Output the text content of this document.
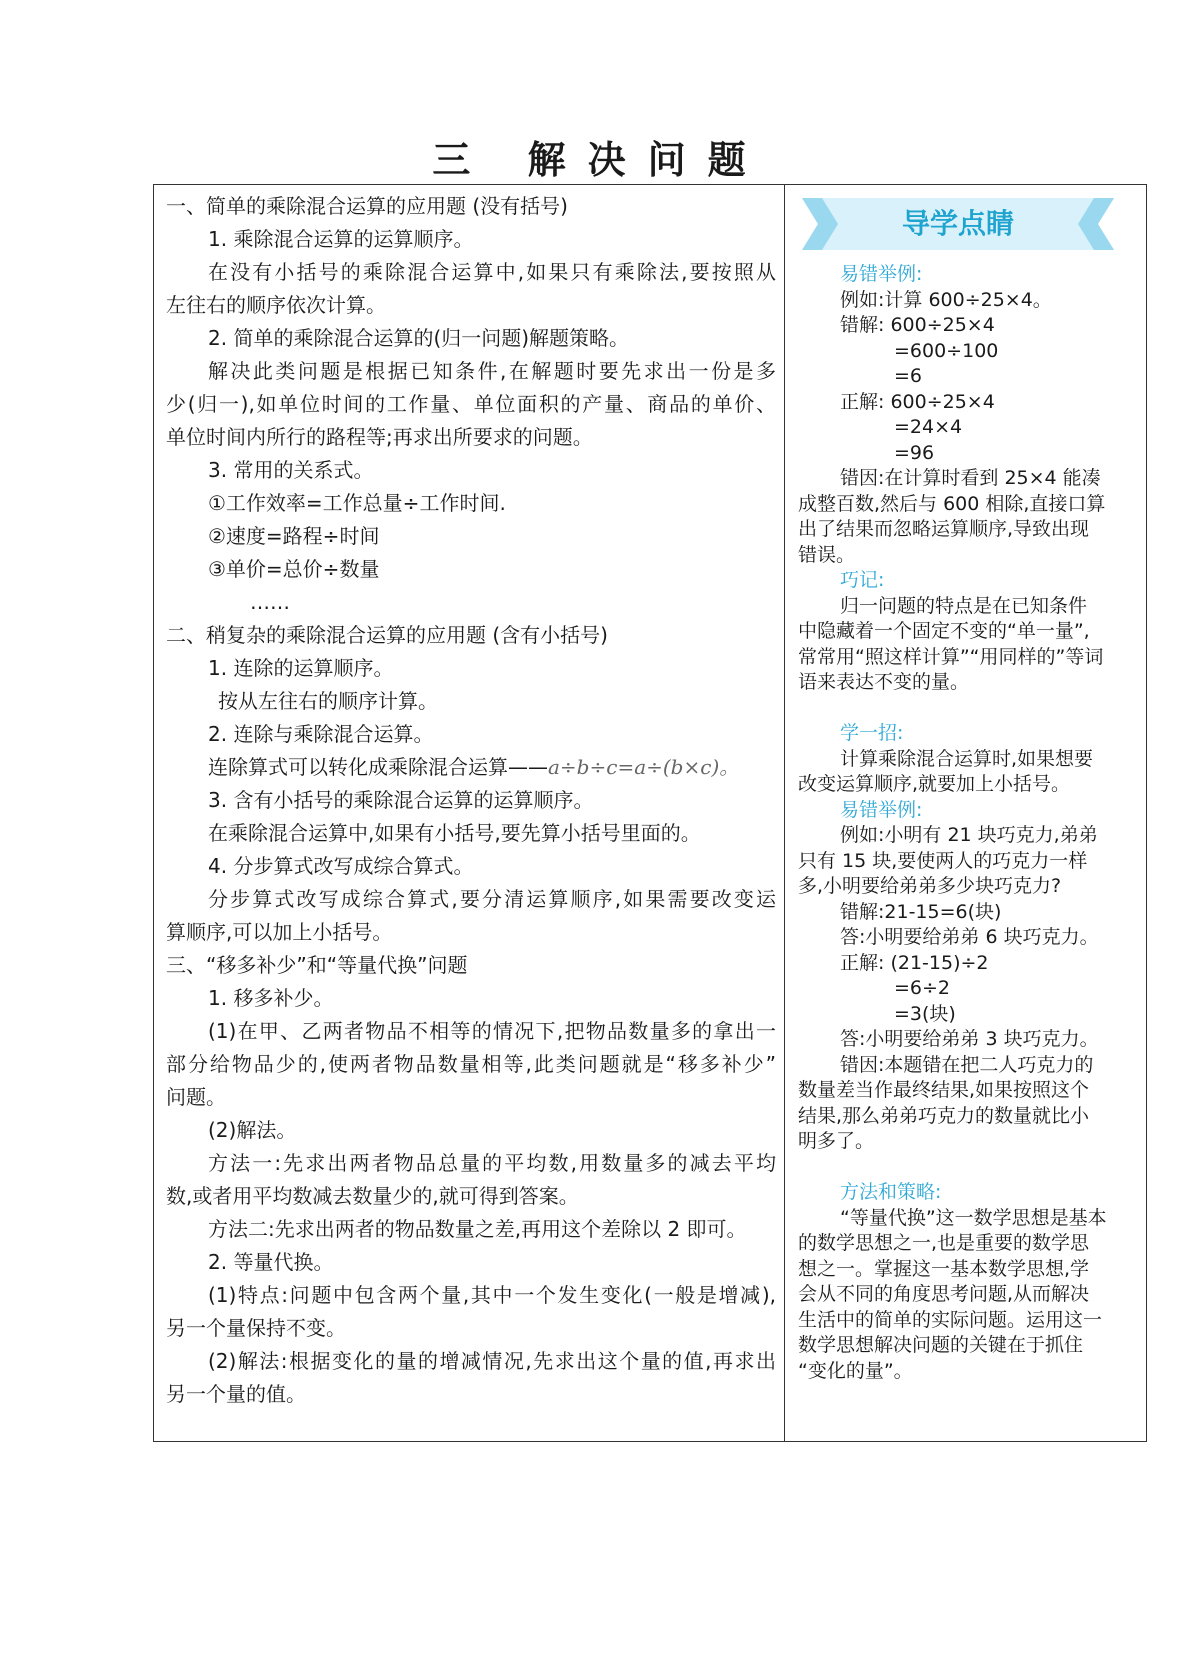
三 解决问题
一、简单的乘除混合运算的应用题 (没有括号)
1. 乘除混合运算的运算顺序。
在没有小括号的乘除混合运算中,如果只有乘除法,要按照从
左往右的顺序依次计算。
2. 简单的乘除混合运算的(归一问题)解题策略。
解决此类问题是根据已知条件,在解题时要先求出一份是多
少(归一),如单位时间的工作量、单位面积的产量、商品的单价、
单位时间内所行的路程等;再求出所要求的问题。
3. 常用的关系式。
①工作效率=工作总量÷工作时间.
②速度=路程÷时间
③单价=总价÷数量
……
二、稍复杂的乘除混合运算的应用题 (含有小括号)
1. 连除的运算顺序。
按从左往右的顺序计算。
2. 连除与乘除混合运算。
连除算式可以转化成乘除混合运算——a÷b÷c=a÷(b×c)。
3. 含有小括号的乘除混合运算的运算顺序。
在乘除混合运算中,如果有小括号,要先算小括号里面的。
4. 分步算式改写成综合算式。
分步算式改写成综合算式,要分清运算顺序,如果需要改变运
算顺序,可以加上小括号。
三、“移多补少”和“等量代换”问题
1. 移多补少。
(1)在甲、乙两者物品不相等的情况下,把物品数量多的拿出一
部分给物品少的,使两者物品数量相等,此类问题就是“移多补少”
问题。
(2)解法。
方法一:先求出两者物品总量的平均数,用数量多的减去平均
数,或者用平均数减去数量少的,就可得到答案。
方法二:先求出两者的物品数量之差,再用这个差除以 2 即可。
2. 等量代换。
(1)特点:问题中包含两个量,其中一个发生变化(一般是增减),
另一个量保持不变。
(2)解法:根据变化的量的增减情况,先求出这个量的值,再求出
另一个量的值。
导学点睛
易错举例:
例如:计算 600÷25×4。
错解: 600÷25×4
=600÷100
=6
正解: 600÷25×4
=24×4
=96
错因:在计算时看到 25×4 能凑
成整百数,然后与 600 相除,直接口算
出了结果而忽略运算顺序,导致出现
错误。
巧记:
归一问题的特点是在已知条件
中隐藏着一个固定不变的“单一量”,
常常用“照这样计算”“用同样的”等词
语来表达不变的量。
学一招:
计算乘除混合运算时,如果想要
改变运算顺序,就要加上小括号。
易错举例:
例如:小明有 21 块巧克力,弟弟
只有 15 块,要使两人的巧克力一样
多,小明要给弟弟多少块巧克力?
错解:21-15=6(块)
答:小明要给弟弟 6 块巧克力。
正解: (21-15)÷2
=6÷2
=3(块)
答:小明要给弟弟 3 块巧克力。
错因:本题错在把二人巧克力的
数量差当作最终结果,如果按照这个
结果,那么弟弟巧克力的数量就比小
明多了。
方法和策略:
“等量代换”这一数学思想是基本
的数学思想之一,也是重要的数学思
想之一。掌握这一基本数学思想,学
会从不同的角度思考问题,从而解决
生活中的简单的实际问题。运用这一
数学思想解决问题的关键在于抓住
“变化的量”。
